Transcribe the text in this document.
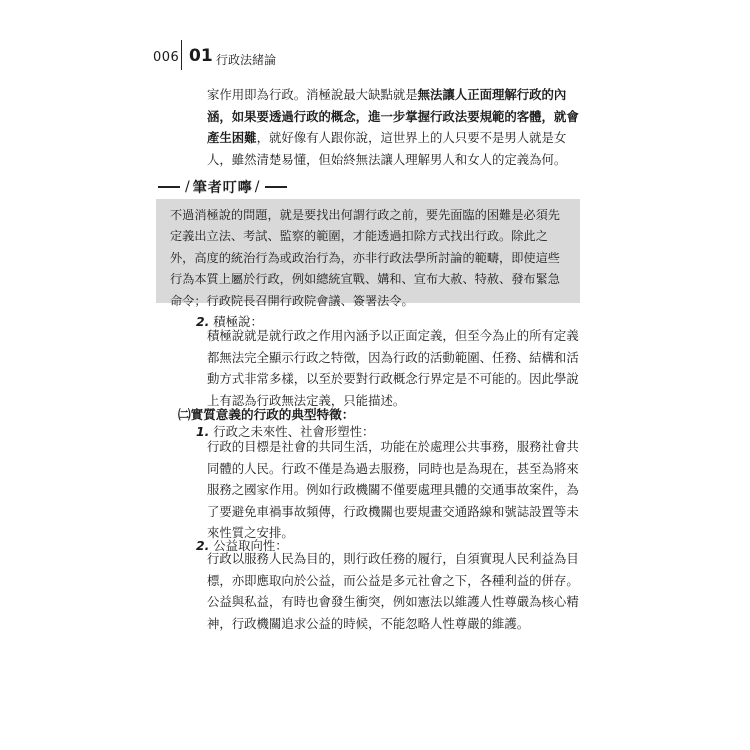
006 01 行政法緒論
家作用即為行政。消極說最大缺點就是無法讓人正面理解行政的內
涵，如果要透過行政的概念，進一步掌握行政法要規範的客體，就會
產生困難，就好像有人跟你說，這世界上的人只要不是男人就是女
人，雖然清楚易懂，但始終無法讓人理解男人和女人的定義為何。
/ 筆者叮嚀 /
不過消極說的問題，就是要找出何謂行政之前，要先面臨的困難是必須先
定義出立法、考試、監察的範圍，才能透過扣除方式找出行政。除此之
外，高度的統治行為或政治行為，亦非行政法學所討論的範疇，即使這些
行為本質上屬於行政，例如總統宣戰、媾和、宣布大赦、特赦、發布緊急
命令；行政院長召開行政院會議、簽署法令。
2. 積極說：
積極說就是就行政之作用內涵予以正面定義，但至今為止的所有定義
都無法完全顯示行政之特徵，因為行政的活動範圍、任務、結構和活
動方式非常多樣，以至於要對行政概念行界定是不可能的。因此學說
上有認為行政無法定義，只能描述。
㈡實質意義的行政的典型特徵：
1. 行政之未來性、社會形塑性：
行政的目標是社會的共同生活，功能在於處理公共事務，服務社會共
同體的人民。行政不僅是為過去服務，同時也是為現在，甚至為將來
服務之國家作用。例如行政機關不僅要處理具體的交通事故案件，為
了要避免車禍事故頻傳，行政機關也要規畫交通路線和號誌設置等未
來性質之安排。
2. 公益取向性：
行政以服務人民為目的，則行政任務的履行，自須實現人民利益為目
標，亦即應取向於公益，而公益是多元社會之下，各種利益的併存。
公益與私益，有時也會發生衝突，例如憲法以維護人性尊嚴為核心精
神，行政機關追求公益的時候，不能忽略人性尊嚴的維護。
